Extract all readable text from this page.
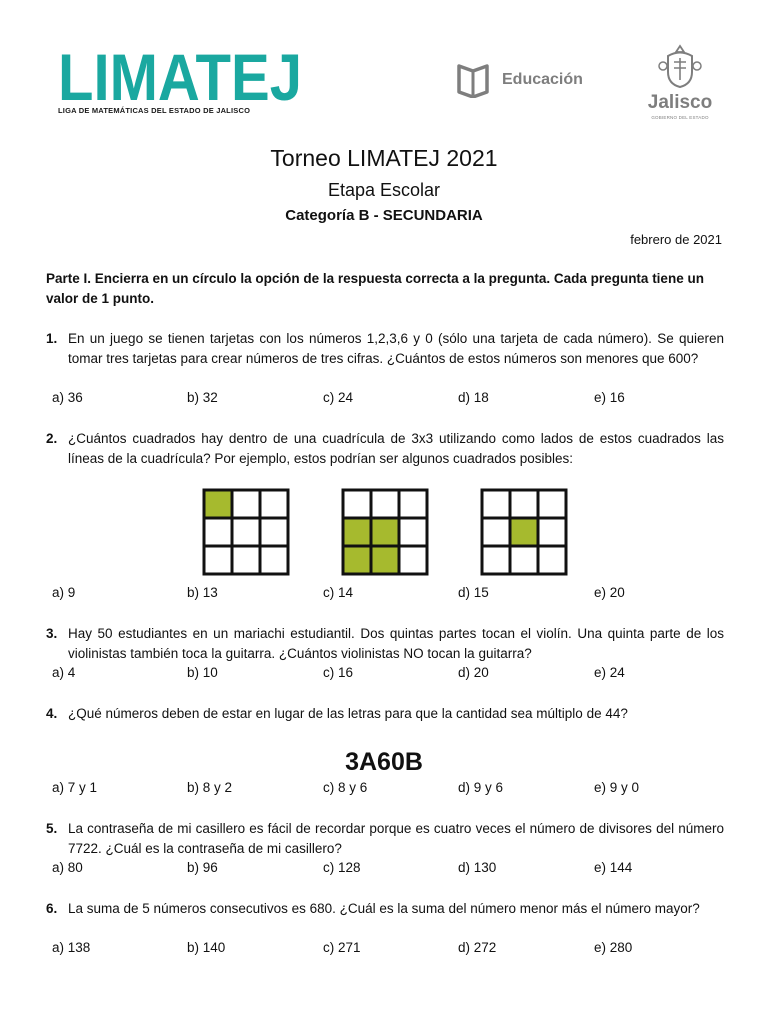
LIMATEJ
LIGA DE MATEMÁTICAS DEL ESTADO DE JALISCO
Educación
Jalisco
GOBIERNO DEL ESTADO
Torneo LIMATEJ 2021
Etapa Escolar
Categoría B - SECUNDARIA
febrero de 2021
Parte I. Encierra en un círculo la opción de la respuesta correcta a la pregunta. Cada pregunta tiene un valor de 1 punto.
1. En un juego se tienen tarjetas con los números 1,2,3,6 y 0 (sólo una tarjeta de cada número). Se quieren tomar tres tarjetas para crear números de tres cifras. ¿Cuántos de estos números son menores que 600?
a) 36	b) 32	c) 24	d) 18	e) 16
2. ¿Cuántos cuadrados hay dentro de una cuadrícula de 3x3 utilizando como lados de estos cuadrados las líneas de la cuadrícula? Por ejemplo, estos podrían ser algunos cuadrados posibles:
a) 9	b) 13	c) 14	d) 15	e) 20
3. Hay 50 estudiantes en un mariachi estudiantil. Dos quintas partes tocan el violín. Una quinta parte de los violinistas también toca la guitarra. ¿Cuántos violinistas NO tocan la guitarra?
a) 4	b) 10	c) 16	d) 20	e) 24
4. ¿Qué números deben de estar en lugar de las letras para que la cantidad sea múltiplo de 44?
3A60B
a) 7 y 1	b) 8 y 2	c) 8 y 6	d) 9 y 6	e) 9 y 0
5. La contraseña de mi casillero es fácil de recordar porque es cuatro veces el número de divisores del número 7722. ¿Cuál es la contraseña de mi casillero?
a) 80	b) 96	c) 128	d) 130	e) 144
6. La suma de 5 números consecutivos es 680. ¿Cuál es la suma del número menor más el número mayor?
a) 138	b) 140	c) 271	d) 272	e) 280
